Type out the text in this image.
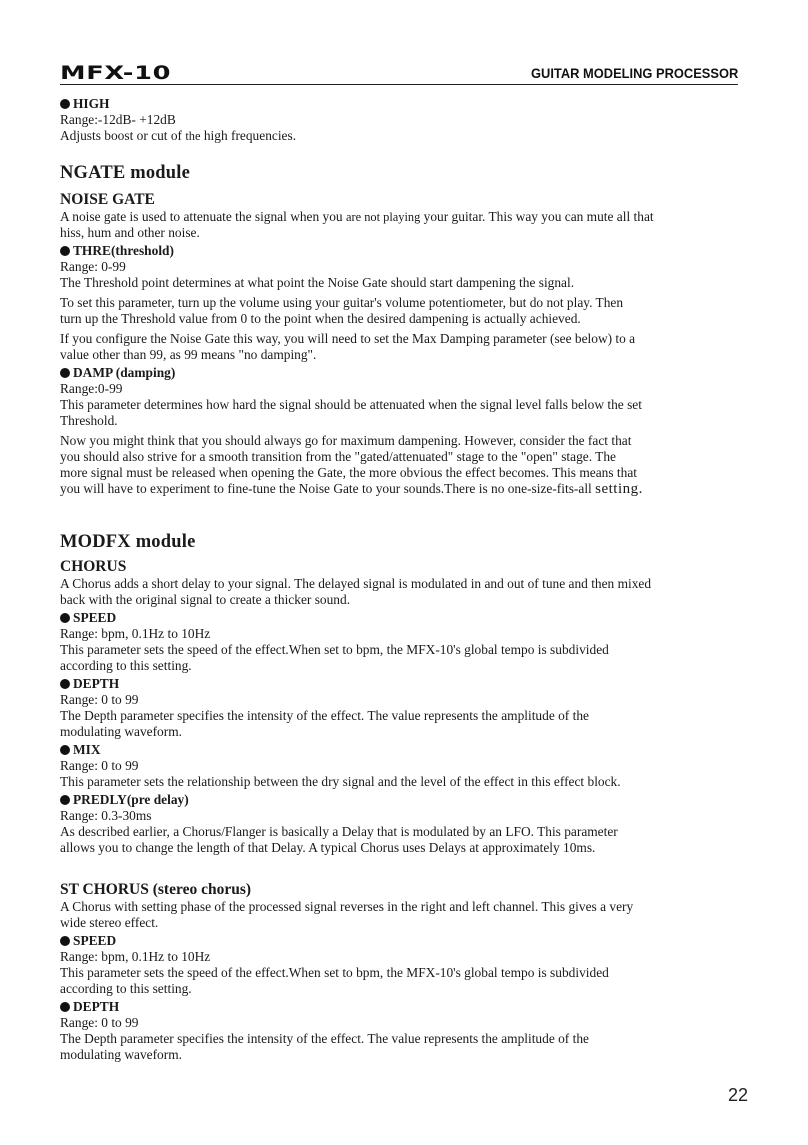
MFX-10	GUITAR MODELING PROCESSOR

HIGH

Range:-12dB- +12dB

Adjusts boost or cut of the high frequencies.

NGATE module

NOISE GATE

A noise gate is used to attenuate the signal when you are not playing your guitar. This way you can mute all that

hiss, hum and other noise.

THRE(threshold)

Range: 0-99

The Threshold point determines at what point the Noise Gate should start dampening the signal.

To set this parameter, turn up the volume using your guitar's volume potentiometer, but do not play. Then

turn up the Threshold value from 0 to the point when the desired dampening is actually achieved.

If you configure the Noise Gate this way, you will need to set the Max Damping parameter (see below) to a

value other than 99, as 99 means "no damping".

DAMP (damping)

Range:0-99

This parameter determines how hard the signal should be attenuated when the signal level falls below the set

Threshold.

Now you might think that you should always go for maximum dampening. However, consider the fact that

you should also strive for a smooth transition from the "gated/attenuated" stage to the "open" stage. The

more signal must be released when opening the Gate, the more obvious the effect becomes. This means that

you will have to experiment to fine-tune the Noise Gate to your sounds.There is no one-size-fits-all setting.

MODFX module

CHORUS

A Chorus adds a short delay to your signal. The delayed signal is modulated in and out of tune and then mixed

back with the original signal to create a thicker sound.

SPEED

Range: bpm, 0.1Hz to 10Hz

This parameter sets the speed of the effect.When set to bpm, the MFX-10's global tempo is subdivided

according to this setting.

DEPTH

Range: 0 to 99

The Depth parameter specifies the intensity of the effect. The value represents the amplitude of the

modulating waveform.

MIX

Range: 0 to 99

This parameter sets the relationship between the dry signal and the level of the effect in this effect block.

PREDLY(pre delay)

Range: 0.3-30ms

As described earlier, a Chorus/Flanger is basically a Delay that is modulated by an LFO. This parameter

allows you to change the length of that Delay. A typical Chorus uses Delays at approximately 10ms.

ST CHORUS (stereo chorus)

A Chorus with setting phase of the processed signal reverses in the right and left channel. This gives a very

wide stereo effect.

SPEED

Range: bpm, 0.1Hz to 10Hz

This parameter sets the speed of the effect.When set to bpm, the MFX-10's global tempo is subdivided

according to this setting.

DEPTH

Range: 0 to 99

The Depth parameter specifies the intensity of the effect. The value represents the amplitude of the

modulating waveform.

22
